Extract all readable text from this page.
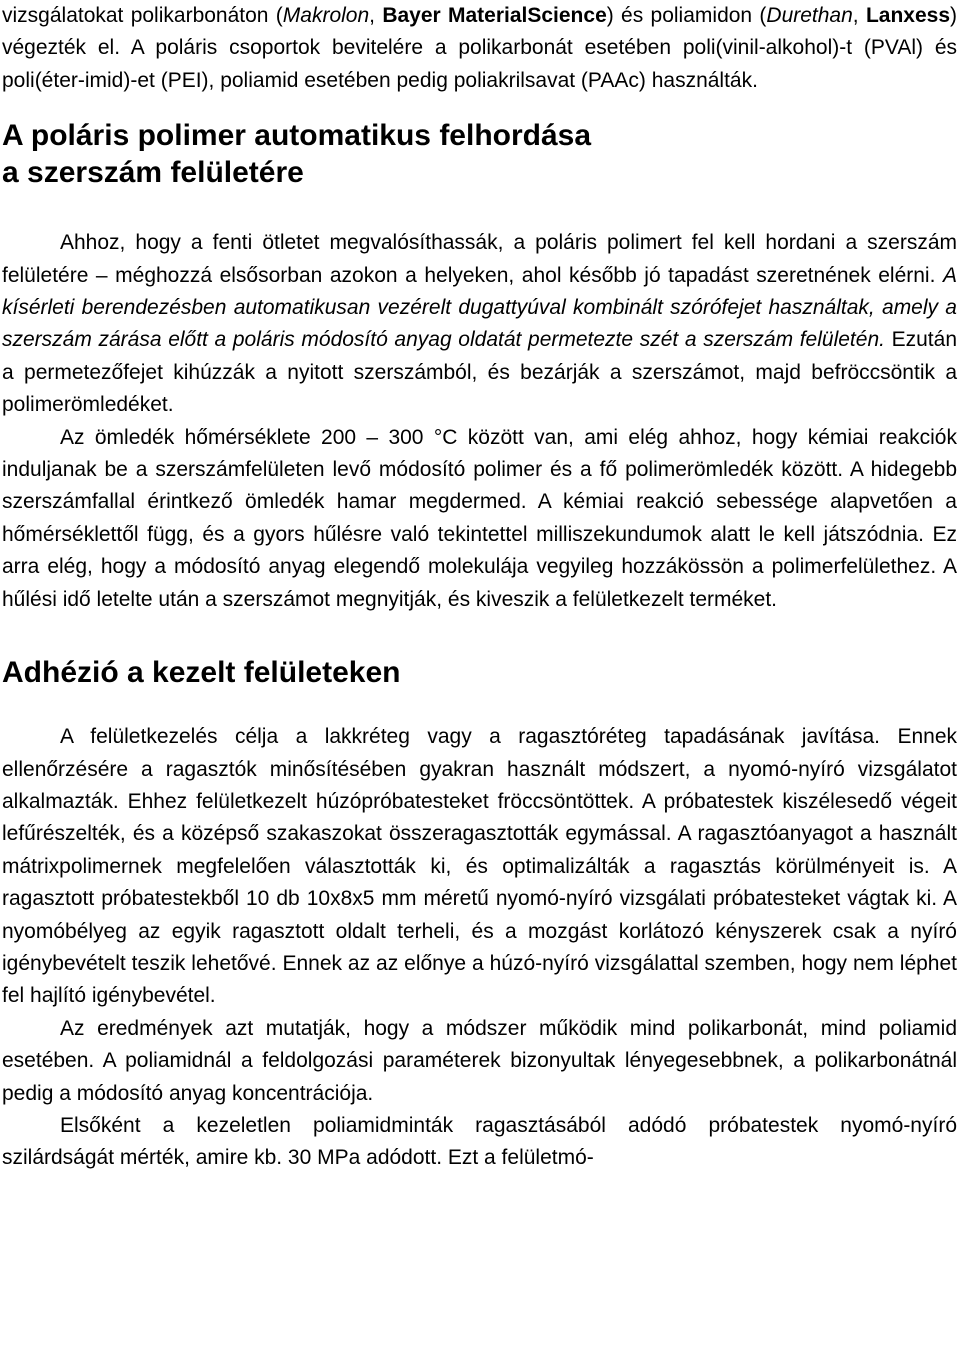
vizsgálatokat polikarbonáton (Makrolon, Bayer MaterialScience) és poliamidon (Durethan, Lanxess) végezték el. A poláris csoportok bevitelére a polikarbonát esetében poli(vinil-alkohol)-t (PVAl) és poli(éter-imid)-et (PEI), poliamid esetében pedig poliakrilsavat (PAAc) használták.

A poláris polimer automatikus felhordása
a szerszám felületére

Ahhoz, hogy a fenti ötletet megvalósíthassák, a poláris polimert fel kell hordani a szerszám felületére – méghozzá elsősorban azokon a helyeken, ahol később jó tapadást szeretnének elérni. A kísérleti berendezésben automatikusan vezérelt dugattyúval kombinált szórófejet használtak, amely a szerszám zárása előtt a poláris módosító anyag oldatát permetezte szét a szerszám felületén. Ezután a permetezőfejet kihúzzák a nyitott szerszámból, és bezárják a szerszámot, majd befröccsöntik a polimerömledéket.

Az ömledék hőmérséklete 200 – 300 °C között van, ami elég ahhoz, hogy kémiai reakciók induljanak be a szerszámfelületen levő módosító polimer és a fő polimerömledék között. A hidegebb szerszámfallal érintkező ömledék hamar megdermed. A kémiai reakció sebessége alapvetően a hőmérséklettől függ, és a gyors hűlésre való tekintettel milliszekundumok alatt le kell játszódnia. Ez arra elég, hogy a módosító anyag elegendő molekulája vegyileg hozzákössön a polimerfelülethez. A hűlési idő letelte után a szerszámot megnyitják, és kiveszik a felületkezelt terméket.

Adhézió a kezelt felületeken

A felületkezelés célja a lakkréteg vagy a ragasztóréteg tapadásának javítása. Ennek ellenőrzésére a ragasztók minősítésében gyakran használt módszert, a nyomó-nyíró vizsgálatot alkalmazták. Ehhez felületkezelt húzópróbatesteket fröccsöntöttek. A próbatestek kiszélesedő végeit lefűrészelték, és a középső szakaszokat összeragasztották egymással. A ragasztóanyagot a használt mátrixpolimernek megfelelően választották ki, és optimalizálták a ragasztás körülményeit is. A ragasztott próbatestekből 10 db 10x8x5 mm méretű nyomó-nyíró vizsgálati próbatesteket vágtak ki. A nyomóbélyeg az egyik ragasztott oldalt terheli, és a mozgást korlátozó kényszerek csak a nyíró igénybevételt teszik lehetővé. Ennek az az előnye a húzó-nyíró vizsgálattal szemben, hogy nem léphet fel hajlító igénybevétel.

Az eredmények azt mutatják, hogy a módszer működik mind polikarbonát, mind poliamid esetében. A poliamidnál a feldolgozási paraméterek bizonyultak lényegesebbnek, a polikarbonátnál pedig a módosító anyag koncentrációja.

Elsőként a kezeletlen poliamidminták ragasztásából adódó próbatestek nyomó-nyíró szilárdságát mérték, amire kb. 30 MPa adódott. Ezt a felületmó-
